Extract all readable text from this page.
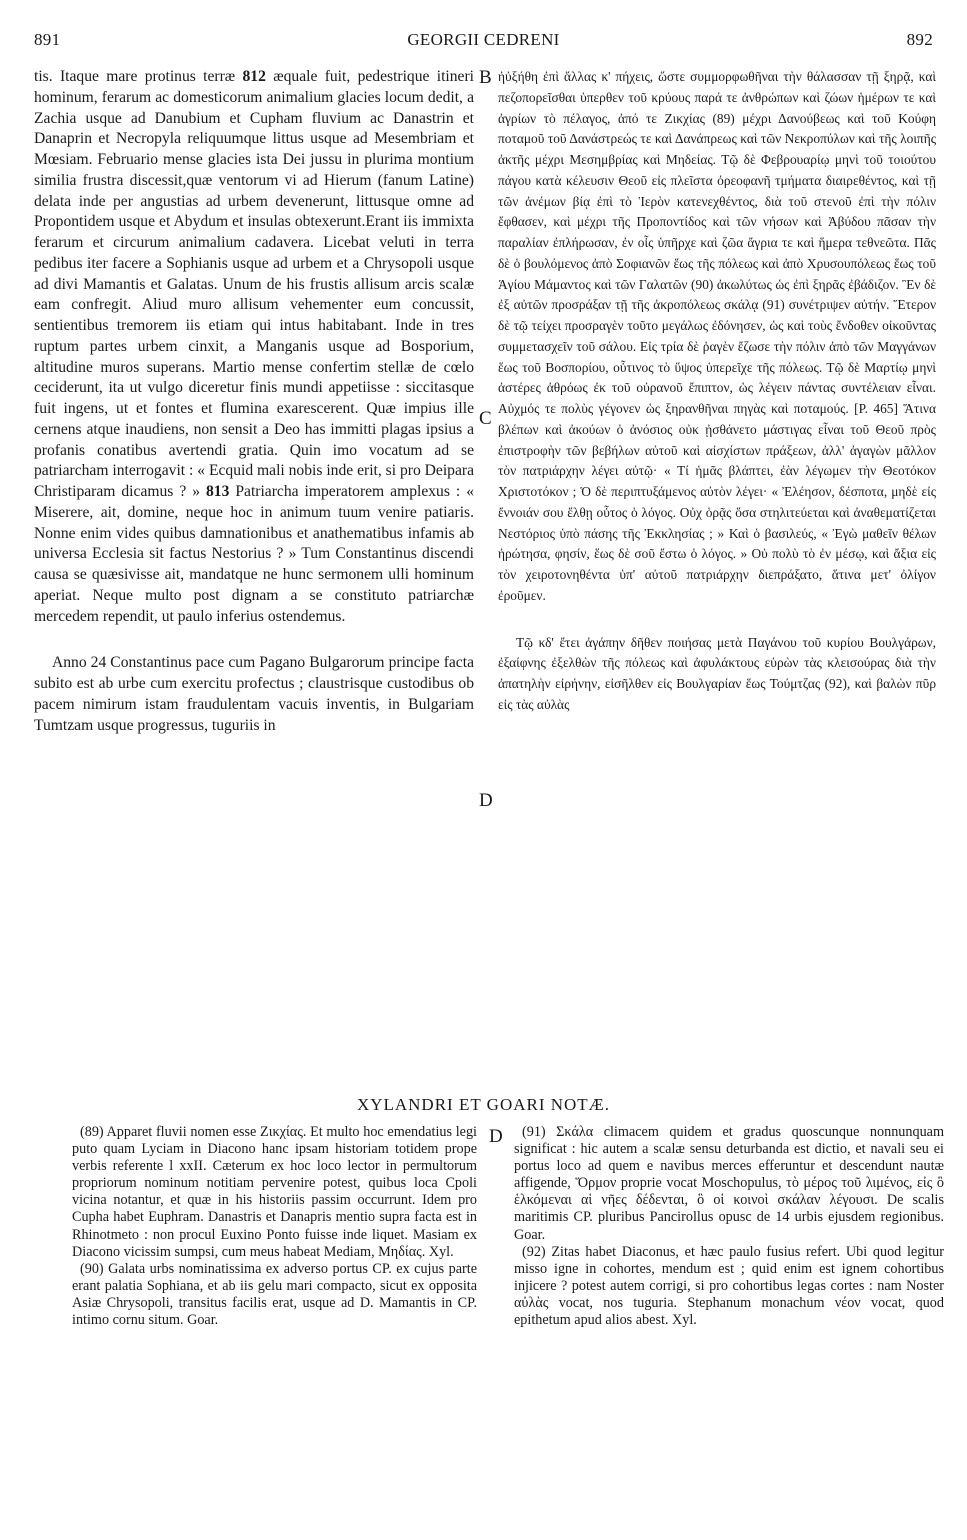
891	GEORGII CEDRENI	892

tis. Itaque mare protinus terræ 812 æquale fuit, pedestrique itineri hominum, ferarum ac domesticorum animalium glacies locum dedit, a Zachia usque ad Danubium et Cupham fluvium ac Danastrin et Danaprin et Necropyla reliquumque littus usque ad Mesembriam et Mœsiam. Februario mense glacies ista Dei jussu in plurima montium similia frustra discessit,quæ ventorum vi ad Hierum (fanum Latine) delata inde per angustias ad urbem devenerunt, littusque omne ad Propontidem usque et Abydum et insulas obtexerunt.Erant iis immixta ferarum et circurum animalium cadavera. Licebat veluti in terra pedibus iter facere a Sophianis usque ad urbem et a Chrysopoli usque ad divi Mamantis et Galatas. Unum de his frustis allisum arcis scalæ eam confregit. Aliud muro allisum vehementer eum concussit, sentientibus tremorem iis etiam qui intus habitabant. Inde in tres ruptum partes urbem cinxit, a Manganis usque ad Bosporium, altitudine muros superans. Martio mense confertim stellæ de cœlo ceciderunt, ita ut vulgo diceretur finis mundi appetiisse : siccitasque fuit ingens, ut et fontes et flumina exarescerent. Quæ impius ille cernens atque inaudiens, non sensit a Deo has immitti plagas ipsius a profanis conatibus avertendi gratia. Quin imo vocatum ad se patriarcham interrogavit : « Ecquid mali nobis inde erit, si pro Deipara Christiparam dicamus ? » 813 Patriarcha imperatorem amplexus : « Miserere, ait, domine, neque hoc in animum tuum venire patiaris. Nonne enim vides quibus damnationibus et anathematibus infamis ab universa Ecclesia sit factus Nestorius ? » Tum Constantinus discendi causa se quæsivisse ait, mandatque ne hunc sermonem ulli hominum aperiat. Neque multo post dignam a se constituto patriarchæ mercedem rependit, ut paulo inferius ostendemus.

Anno 24 Constantinus pace cum Pagano Bulgarorum principe facta subito est ab urbe cum exercitu profectus ; claustrisque custodibus ob pacem nimirum istam fraudulentam vacuis inventis, in Bulgariam Tumtzam usque progressus, tuguriis in

B
C
D

ἠὐξήθη ἐπὶ ἄλλας κ' πήχεις, ὥστε συμμορφωθῆναι τὴν θάλασσαν τῇ ξηρᾷ, καὶ πεζοπορεῖσθαι ὑπερθεν τοῦ κρύους παρά τε ἀνθρώπων καὶ ζώων ἡμέρων τε καὶ ἀγρίων τὸ πέλαγος, ἀπό τε Ζικχίας (89) μέχρι Δανούβεως καὶ τοῦ Κούφη ποταμοῦ τοῦ Δανάστρεώς τε καὶ Δανάπρεως καὶ τῶν Νεκροπύλων καὶ τῆς λοιπῆς ἀκτῆς μέχρι Μεσημβρίας καὶ Μηδείας. Τῷ δὲ Φεβρουαρίῳ μηνὶ τοῦ τοιούτου πάγου κατὰ κέλευσιν Θεοῦ εἰς πλεῖστα ὀρεοφανῆ τμήματα διαιρεθέντος, καὶ τῇ τῶν ἀνέμων βίᾳ ἐπὶ τὸ Ἱερὸν κατενεχθέντος, διὰ τοῦ στενοῦ ἐπὶ τὴν πόλιν ἔφθασεν, καὶ μέχρι τῆς Προποντίδος καὶ τῶν νήσων καὶ Ἀβύδου πᾶσαν τὴν παραλίαν ἐπλήρωσαν, ἐν οἷς ὑπῆρχε καὶ ζῶα ἄγρια τε καὶ ἥμερα τεθνεῶτα. Πᾶς δὲ ὁ βουλόμενος ἀπὸ Σοφιανῶν ἕως τῆς πόλεως καὶ ἀπὸ Χρυσουπόλεως ἕως τοῦ Ἁγίου Μάμαντος καὶ τῶν Γαλατῶν (90) ἀκωλύτως ὡς ἐπὶ ξηρᾶς ἐβάδιζον. Ἓν δὲ ἐξ αὐτῶν προσράξαν τῇ τῆς ἀκροπόλεως σκάλᾳ (91) συνέτριψεν αὐτήν. Ἕτερον δὲ τῷ τείχει προσραγὲν τοῦτο μεγάλως ἐδόνησεν, ὡς καὶ τοὺς ἔνδοθεν οἰκοῦντας συμμετασχεῖν τοῦ σάλου. Εἰς τρία δὲ ῥαγὲν ἔζωσε τὴν πόλιν ἀπὸ τῶν Μαγγάνων ἕως τοῦ Βοσπορίου, οὗτινος τὸ ὕψος ὑπερεῖχε τῆς πόλεως. Τῷ δὲ Μαρτίῳ μηνὶ ἀστέρες ἀθρόως ἐκ τοῦ οὐρανοῦ ἔπιπτον, ὡς λέγειν πάντας συντέλειαν εἶναι. Αὐχμός τε πολὺς γέγονεν ὡς ξηρανθῆναι πηγὰς καὶ ποταμούς. [P. 465] Ἅτινα βλέπων καὶ ἀκούων ὁ ἀνόσιος οὐκ ᾐσθάνετο μάστιγας εἶναι τοῦ Θεοῦ πρὸς ἐπιστροφὴν τῶν βεβήλων αὐτοῦ καὶ αἰσχίστων πράξεων, ἀλλ' ἀγαγὼν μᾶλλον τὸν πατριάρχην λέγει αὐτῷ· « Τί ἡμᾶς βλάπτει, ἐὰν λέγωμεν τὴν Θεοτόκον Χριστοτόκον ; Ὁ δὲ περιπτυξάμενος αὐτὸν λέγει· « Ἐλέησον, δέσποτα, μηδὲ εἰς ἔννοιάν σου ἔλθῃ οὗτος ὁ λόγος. Οὐχ ὁρᾷς ὅσα στηλιτεύεται καὶ ἀναθεματίζεται Νεστόριος ὑπὸ πάσης τῆς Ἐκκλησίας ; » Καὶ ὁ βασιλεύς, « Ἐγὼ μαθεῖν θέλων ἠρώτησα, φησίν, ἕως δὲ σοῦ ἔστω ὁ λόγος. » Οὐ πολὺ τὸ ἐν μέσῳ, καὶ ἄξια εἰς τὸν χειροτονηθέντα ὑπ' αὐτοῦ πατριάρχην διεπράξατο, ἅτινα μετ' ὀλίγον ἐροῦμεν.

Τῷ κδ' ἔτει ἀγάπην δῆθεν ποιήσας μετὰ Παγάνου τοῦ κυρίου Βουλγάρων, ἐξαίφνης ἐξελθὼν τῆς πόλεως καὶ ἀφυλάκτους εὑρὼν τὰς κλεισούρας διὰ τὴν ἀπατηλὴν εἰρήνην, εἰσῆλθεν εἰς Βουλγαρίαν ἕως Τούμτζας (92), καὶ βαλὼν πῦρ εἰς τὰς αὐλὰς

XYLANDRI ET GOARI NOTÆ.
D

(89) Apparet fluvii nomen esse Ζικχίας. Et multo hoc emendatius legi puto quam Lyciam in Diacono hanc ipsam historiam totidem prope verbis referente l xxII. Cæterum ex hoc loco lector in permultorum propriorum nominum notitiam pervenire potest, quibus loca Cpoli vicina notantur, et quæ in his historiis passim occurrunt. Idem pro Cupha habet Euphram. Danastris et Danapris mentio supra facta est in Rhinotmeto : non procul Euxino Ponto fuisse inde liquet. Masiam ex Diacono vicissim sumpsi, cum meus habeat Mediam, Μηδίας. Xyl.

(90) Galata urbs nominatissima ex adverso portus CP. ex cujus parte erant palatia Sophiana, et ab iis gelu mari compacto, sicut ex opposita Asiæ Chrysopoli, transitus facilis erat, usque ad D. Mamantis in CP. intimo cornu situm. Goar.

(91) Σκάλα climacem quidem et gradus quoscunque nonnunquam significat : hic autem a scalæ sensu deturbanda est dictio, et navali seu ei portus loco ad quem e navibus merces efferuntur et descendunt nautæ affigende, Ὅρμον proprie vocat Moschopulus, τὸ μέρος τοῦ λιμένος, εἰς ὃ ἑλκόμεναι αἱ νῆες δέδενται, ὃ οἱ κοινοὶ σκάλαν λέγουσι. De scalis maritimis CP. pluribus Pancirollus opusc de 14 urbis ejusdem regionibus. Goar.

(92) Zitas habet Diaconus, et hæc paulo fusius refert. Ubi quod legitur misso igne in cohortes, mendum est ; quid enim est ignem cohortibus injicere ? potest autem corrigi, si pro cohortibus legas cortes : nam Noster αὐλὰς vocat, nos tuguria. Stephanum monachum νέον vocat, quod epithetum apud alios abest. Xyl.
